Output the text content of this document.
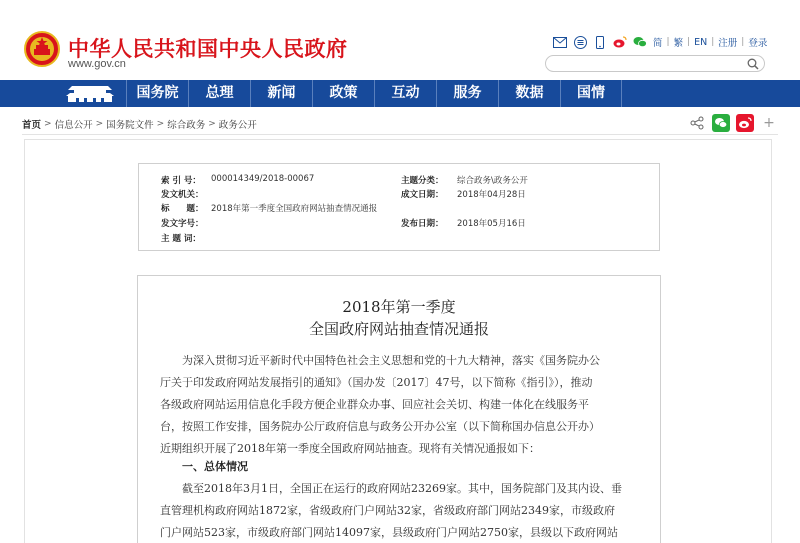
中华人民共和国中央人民政府
www.gov.cn
简 | 繁 | EN | 注册 | 登录
国务院	总理	新闻	政策	互动	服务	数据	国情
首页 > 信息公开 > 国务院文件 > 综合政务 > 政务公开	+
索 引 号：	000014349/2018-00067	主题分类：	综合政务\政务公开
发文机关：	成文日期：	2018年04月28日
标　　题： 2018年第一季度全国政府网站抽查情况通报
发文字号：	发布日期：	2018年05月16日
主 题 词：
2018年第一季度
全国政府网站抽查情况通报
为深入贯彻习近平新时代中国特色社会主义思想和党的十九大精神，落实《国务院办公
厅关于印发政府网站发展指引的通知》（国办发〔2017〕47号，以下简称《指引》），推动
各级政府网站运用信息化手段方便企业群众办事、回应社会关切、构建一体化在线服务平
台，按照工作安排，国务院办公厅政府信息与政务公开办公室（以下简称国办信息公开办）
近期组织开展了2018年第一季度全国政府网站抽查。现将有关情况通报如下：
一、总体情况
截至2018年3月1日，全国正在运行的政府网站23269家。其中，国务院部门及其内设、垂
直管理机构政府网站1872家，省级政府门户网站32家，省级政府部门网站2349家，市级政府
门户网站523家，市级政府部门网站14097家，县级政府门户网站2750家，县级以下政府网站
